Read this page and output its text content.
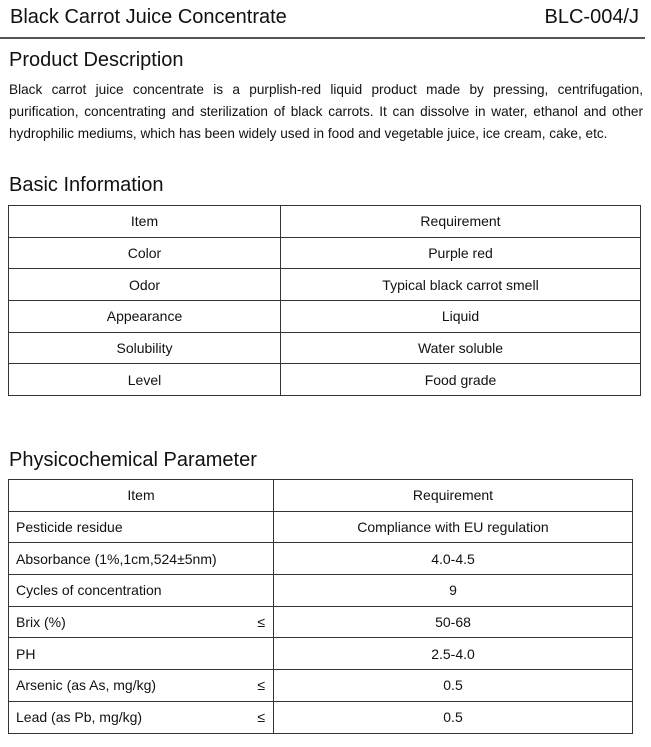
Black Carrot Juice Concentrate	BLC-004/J
Product Description

Black carrot juice concentrate is a purplish-red liquid product made by pressing, centrifugation, purification, concentrating and sterilization of black carrots. It can dissolve in water, ethanol and other hydrophilic mediums, which has been widely used in food and vegetable juice, ice cream, cake, etc.

Basic Information
Item	Requirement
Color	Purple red
Odor	Typical black carrot smell
Appearance	Liquid
Solubility	Water soluble
Level	Food grade
Physicochemical Parameter
Item	Requirement
Pesticide residue	Compliance with EU regulation
Absorbance (1%,1cm,524±5nm)	4.0-4.5
Cycles of concentration	9
Brix (%) ≤	50-68
PH	2.5-4.0
Arsenic (as As, mg/kg) ≤	0.5
Lead (as Pb, mg/kg) ≤	0.5
